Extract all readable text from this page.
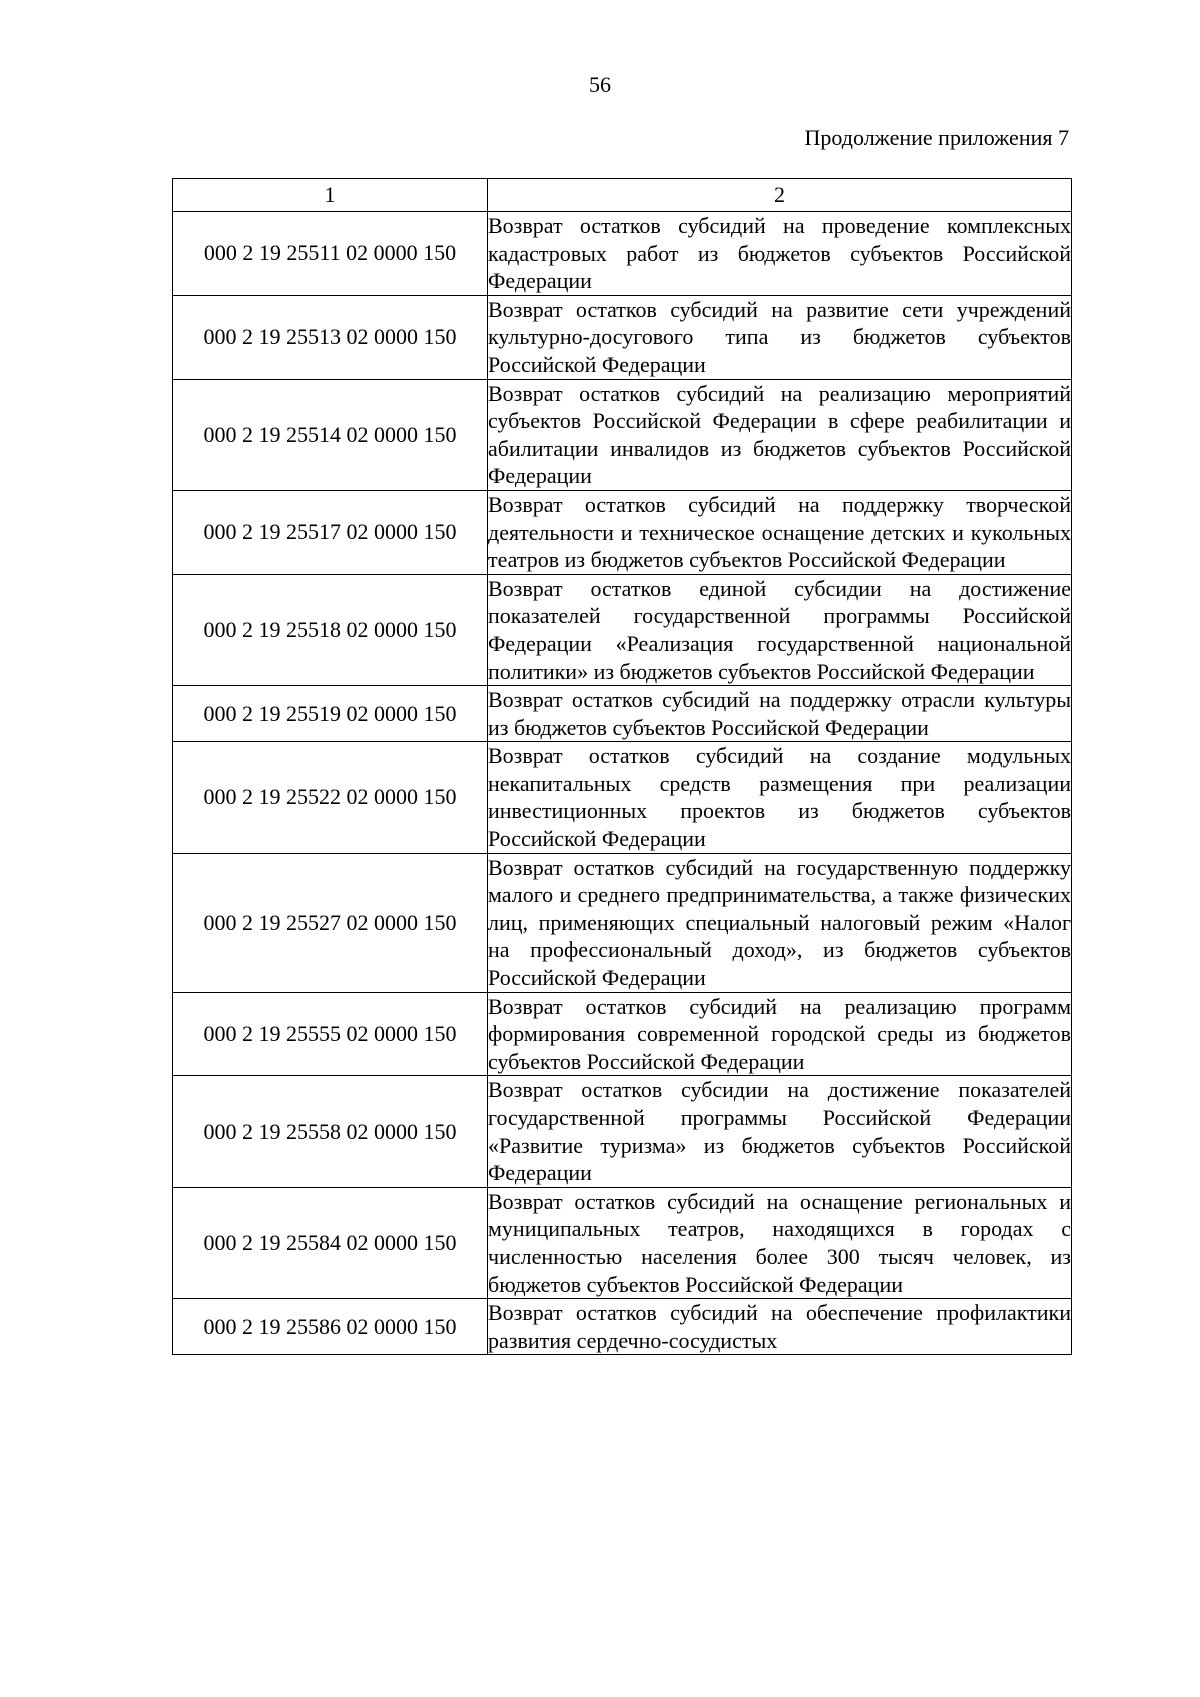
56
Продолжение приложения 7
1	2
000 2 19 25511 02 0000 150	Возврат остатков субсидий на проведение комплексных кадастровых работ из бюджетов субъектов Российской Федерации
000 2 19 25513 02 0000 150	Возврат остатков субсидий на развитие сети учреждений культурно-досугового типа из бюджетов субъектов Российской Федерации
000 2 19 25514 02 0000 150	Возврат остатков субсидий на реализацию мероприятий субъектов Российской Федерации в сфере реабилитации и абилитации инвалидов из бюджетов субъектов Российской Федерации
000 2 19 25517 02 0000 150	Возврат остатков субсидий на поддержку творческой деятельности и техническое оснащение детских и кукольных театров из бюджетов субъектов Российской Федерации
000 2 19 25518 02 0000 150	Возврат остатков единой субсидии на достижение показателей государственной программы Российской Федерации «Реализация государственной национальной политики» из бюджетов субъектов Российской Федерации
000 2 19 25519 02 0000 150	Возврат остатков субсидий на поддержку отрасли культуры из бюджетов субъектов Российской Федерации
000 2 19 25522 02 0000 150	Возврат остатков субсидий на создание модульных некапитальных средств размещения при реализации инвестиционных проектов из бюджетов субъектов Российской Федерации
000 2 19 25527 02 0000 150	Возврат остатков субсидий на государственную поддержку малого и среднего предпринимательства, а также физических лиц, применяющих специальный налоговый режим «Налог на профессиональный доход», из бюджетов субъектов Российской Федерации
000 2 19 25555 02 0000 150	Возврат остатков субсидий на реализацию программ формирования современной городской среды из бюджетов субъектов Российской Федерации
000 2 19 25558 02 0000 150	Возврат остатков субсидии на достижение показателей государственной программы Российской Федерации «Развитие туризма» из бюджетов субъектов Российской Федерации
000 2 19 25584 02 0000 150	Возврат остатков субсидий на оснащение региональных и муниципальных театров, находящихся в городах с численностью населения более 300 тысяч человек, из бюджетов субъектов Российской Федерации
000 2 19 25586 02 0000 150	Возврат остатков субсидий на обеспечение профилактики развития сердечно-сосудистых
